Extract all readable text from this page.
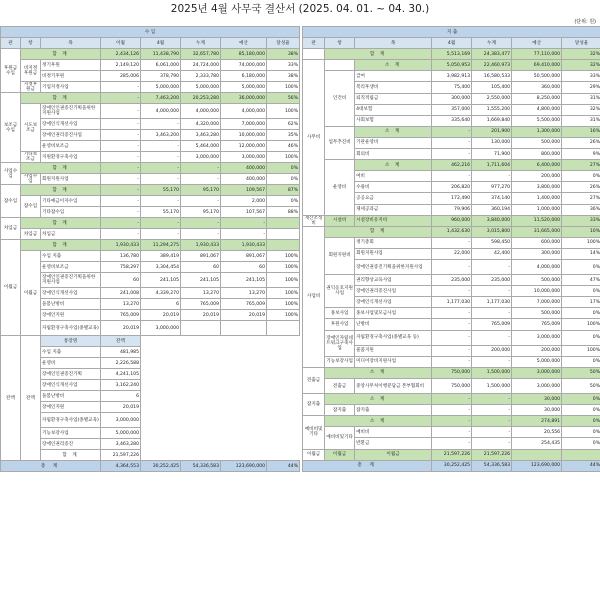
2025년 4월 사무국 결산서 (2025. 04. 01. ~ 04. 30.)
(단위: 원)
수 입							
관	항	목	이월	4월	누계	예산	달성율
후원금수입	합 계		2,434,126	11,438,790	32,657,780	85,180,000	38%
	비지정후원금	정기후원	2,149,120	6,061,000	24,724,000	74,000,000	33%
		비정기후원	285,006	378,790	2,333,780	6,180,000	38%
	지정후원금	기업지정사업	-	5,000,000	5,000,000	5,000,000	100%
보조금수입	합 계		-	7,463,200	20,253,280	36,000,000	56%
	시도보조금	장애인인권증진기획을위한지원사업	-	4,000,000	4,000,000	4,000,000	100%
		장애인식개선사업	-	-	4,320,000	7,000,000	62%
		장애인권리증진사업	-	3,463,200	3,463,280	10,000,000	35%
		운영비보조금	-	-	5,464,000	12,000,000	46%
	기타보조금	지원환경구축사업	-	-	3,000,000	3,000,000	100%
사업수입	합 계		-	-	-	400,000	0%
	사업수입	회원지원사업	-	-	-	400,000	0%
잡수입	합 계		-	55,170	95,170	109,567	87%
	잡수입	기타예금이자수입	-	-	-	2,000	0%
		기타잡수입	-	55,170	95,170	107,567	88%
차입금	합 계		-	-	-	-	
	차입금	차입금	-	-	-	-	
이월금	합 계		1,930,433	11,294,275	1,930,433	1,930,433	
	이월금	수입 지출	136,780	389,419	891,067	891,067	100%
		운영비보조금	758,297	3,304,454	60	60	100%
		장애인인권증진기획을위한지원사업	60	241,105	241,105	241,105	100%
		장애인식개선사업	241,008	4,339,270	13,270	13,270	100%
		돌봄난방비	13,270	6	765,009	765,009	100%
		장애인지원	765,009	20,019	20,019	20,019	100%
		자립환경구축사업(종별교육)	20,019	3,000,000			
잔액	잔액	통장명	잔액				
		수입 지출	481,985				
		운영비	2,226,588				
		장애인인권증진기획	4,241,105				
		장애인식개선사업	3,162,240				
		돌봄난방비	6				
		장애인지원	20,019				
		자립환경구축사업(종별교육)	3,000,000				
		기능보강사업	5,000,000				
		장애인권리증진	3,463,280				
		합 계	21,597,226				
총 계			4,364,553	30,252,425	54,336,583	123,690,000	44%
지 출						
관	항	목	4월	누계	예산	달성율
	합 계		5,513,169	24,383,477	77,110,000	32%
사무비		소 계	5,050,953	22,460,973	69,410,000	32%
	인건비	급여	3,982,913	16,580,533	50,500,000	33%
		복리후생비	75,400	105,400	360,000	29%
		퇴직적립금	300,000	2,550,000	8,250,000	31%
		4대보험	357,000	1,555,200	4,800,000	32%
		사회보험	335,640	1,669,840	5,500,000	31%
	업무추진비	소 계	-	201,900	1,300,000	16%
		기관운영비	-	130,000	500,000	26%
		회의비	-	71,900	800,000	9%
	운영비	소 계	462,216	1,711,604	6,400,000	27%
		여비	-	-	200,000	0%
		수용비	206,820	977,270	3,800,000	26%
		공공요금	172,490	374,140	1,400,000	27%
		제세공과금	79,906	360,194	1,000,000	36%
재산조성비	시설비	시설장비유지비	960,000	3,840,000	11,520,000	33%
사업비	합 계		1,432,630	3,015,800	31,665,000	10%
	회원지원비	정기총회	-	598,450	600,000	100%
		회원지원사업	22,000	42,400	300,000	14%
		장애인권증진기획을위한지원사업	-	-	4,000,000	0%
	권익옹호지원사업	권리향상교육사업	235,000	235,000	500,000	47%
		장애인권리증진사업	-	-	10,000,000	0%
		장애인식개선사업	1,177,030	1,177,030	7,000,000	17%
	홍보사업	홍보사업및모금사업	-	-	500,000	0%
	후원사업	난방비	-	765,009	765,009	100%
	장애인자립네트워크구축사업	자립환경구축사업(종별교육 등)	-	-	3,000,000	0%
		물품지원	-	200,000	200,000	100%
	기능보강사업	미디어장비지원사업	-	-	5,000,000	0%
전출금	소 계		750,000	1,500,000	3,000,000	50%
	전출금	중앙사무처이행분담금 본부협회비	750,000	1,500,000	3,000,000	50%
잡지출	소 계		-	-	30,000	0%
	잡지출	잡지출	-	-	30,000	0%
예비비및기타	소 계		-	-	274,891	0%
	예비비및기타	예비비	-	-	20,556	0%
		반환금	-	-	254,435	0%
이월금	이월금	이월금	21,597,226	21,597,226		
총 계			30,252,425	54,336,583	123,690,000	44%
